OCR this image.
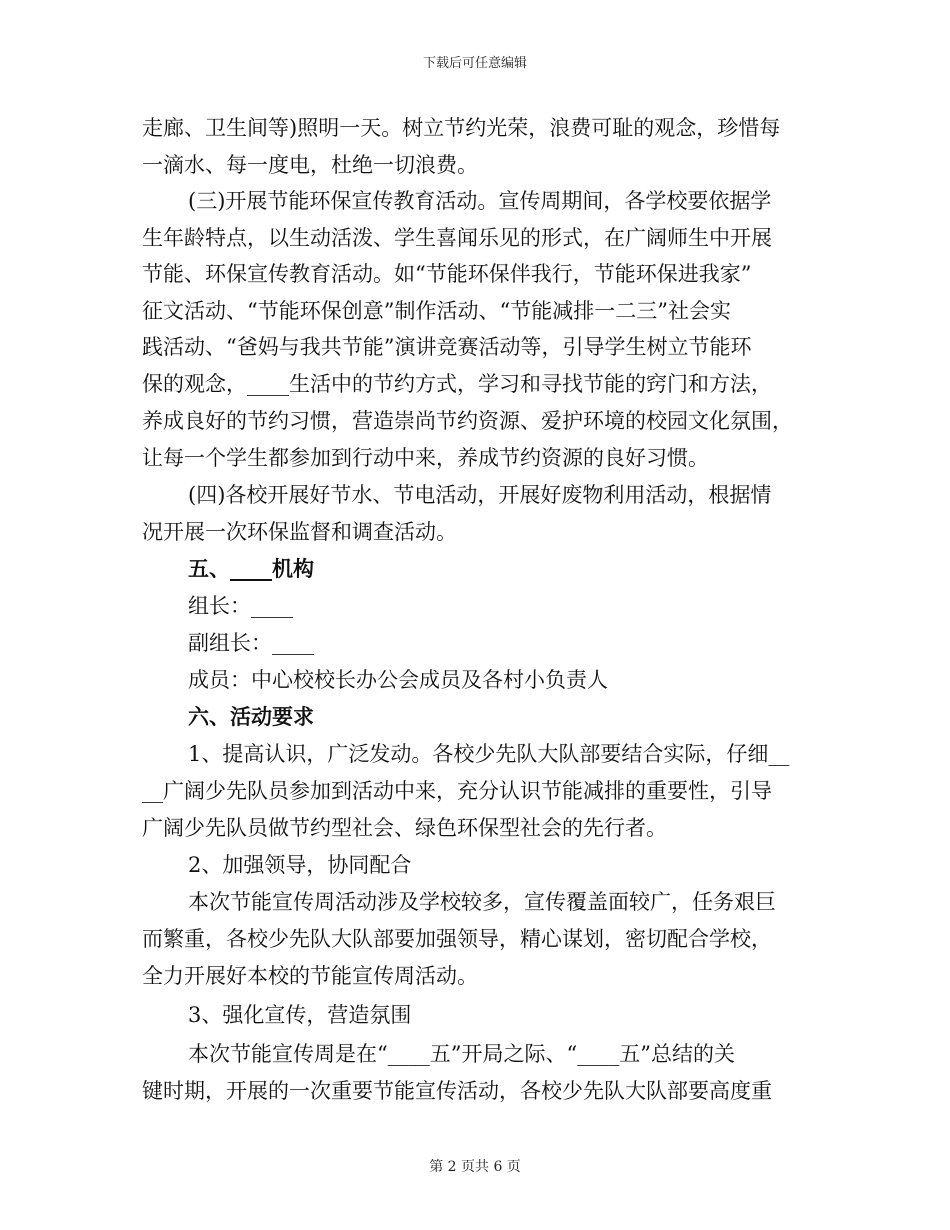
下载后可任意编辑
走廊、卫生间等)照明一天。树立节约光荣，浪费可耻的观念，珍惜每
一滴水、每一度电，杜绝一切浪费。
(三)开展节能环保宣传教育活动。宣传周期间，各学校要依据学
生年龄特点，以生动活泼、学生喜闻乐见的形式，在广阔师生中开展
节能、环保宣传教育活动。如“节能环保伴我行，节能环保进我家”
征文活动、“节能环保创意”制作活动、“节能减排一二三”社会实
践活动、“爸妈与我共节能”演讲竞赛活动等，引导学生树立节能环
保的观念，____生活中的节约方式，学习和寻找节能的窍门和方法，
养成良好的节约习惯，营造崇尚节约资源、爱护环境的校园文化氛围，
让每一个学生都参加到行动中来，养成节约资源的良好习惯。
(四)各校开展好节水、节电活动，开展好废物利用活动，根据情
况开展一次环保监督和调查活动。
五、____机构
组长：____
副组长：____
成员：中心校校长办公会成员及各村小负责人
六、活动要求
1、提高认识，广泛发动。各校少先队大队部要结合实际，仔细__
__广阔少先队员参加到活动中来，充分认识节能减排的重要性，引导
广阔少先队员做节约型社会、绿色环保型社会的先行者。
2、加强领导，协同配合
本次节能宣传周活动涉及学校较多，宣传覆盖面较广，任务艰巨
而繁重，各校少先队大队部要加强领导，精心谋划，密切配合学校，
全力开展好本校的节能宣传周活动。
3、强化宣传，营造氛围
本次节能宣传周是在“____五”开局之际、“____五”总结的关
键时期，开展的一次重要节能宣传活动，各校少先队大队部要高度重
第 2 页共 6 页
